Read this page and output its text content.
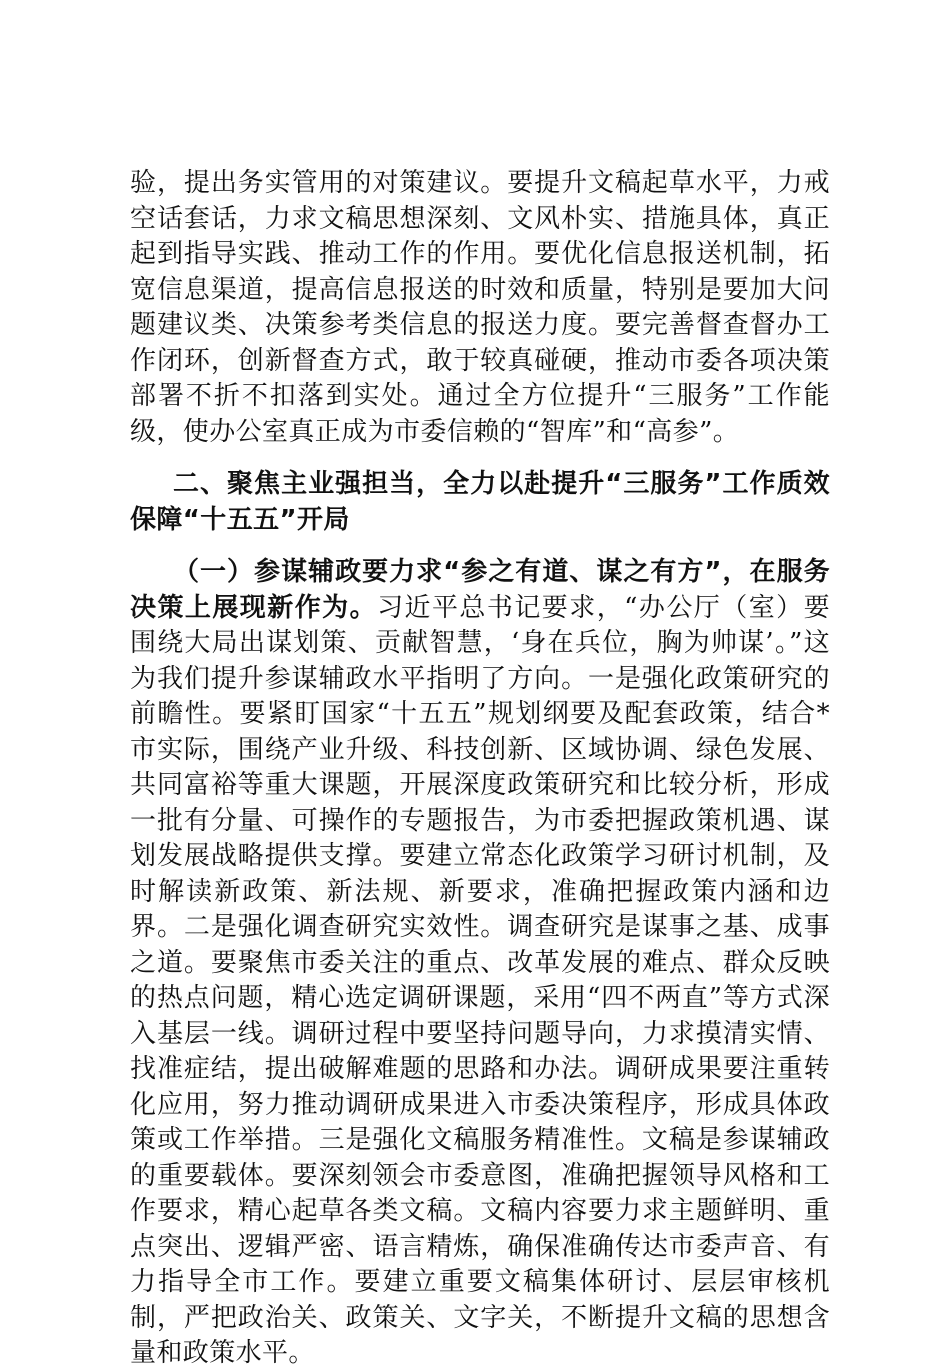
验，提出务实管用的对策建议。要提升文稿起草水平，力戒空话套话，力求文稿思想深刻、文风朴实、措施具体，真正起到指导实践、推动工作的作用。要优化信息报送机制，拓宽信息渠道，提高信息报送的时效和质量，特别是要加大问题建议类、决策参考类信息的报送力度。要完善督查督办工作闭环，创新督查方式，敢于较真碰硬，推动市委各项决策部署不折不扣落到实处。通过全方位提升“三服务”工作能级，使办公室真正成为市委信赖的“智库”和“高参”。

二、聚焦主业强担当，全力以赴提升“三服务”工作质效保障“十五五”开局

（一）参谋辅政要力求“参之有道、谋之有方”，在服务决策上展现新作为。习近平总书记要求，“办公厅（室）要围绕大局出谋划策、贡献智慧，‘身在兵位，胸为帅谋’。”这为我们提升参谋辅政水平指明了方向。一是强化政策研究的前瞻性。要紧盯国家“十五五”规划纲要及配套政策，结合*市实际，围绕产业升级、科技创新、区域协调、绿色发展、共同富裕等重大课题，开展深度政策研究和比较分析，形成一批有分量、可操作的专题报告，为市委把握政策机遇、谋划发展战略提供支撑。要建立常态化政策学习研讨机制，及时解读新政策、新法规、新要求，准确把握政策内涵和边界。二是强化调查研究实效性。调查研究是谋事之基、成事之道。要聚焦市委关注的重点、改革发展的难点、群众反映的热点问题，精心选定调研课题，采用“四不两直”等方式深入基层一线。调研过程中要坚持问题导向，力求摸清实情、找准症结，提出破解难题的思路和办法。调研成果要注重转化应用，努力推动调研成果进入市委决策程序，形成具体政策或工作举措。三是强化文稿服务精准性。文稿是参谋辅政的重要载体。要深刻领会市委意图，准确把握领导风格和工作要求，精心起草各类文稿。文稿内容要力求主题鲜明、重点突出、逻辑严密、语言精炼，确保准确传达市委声音、有力指导全市工作。要建立重要文稿集体研讨、层层审核机制，严把政治关、政策关、文字关，不断提升文稿的思想含量和政策水平。
